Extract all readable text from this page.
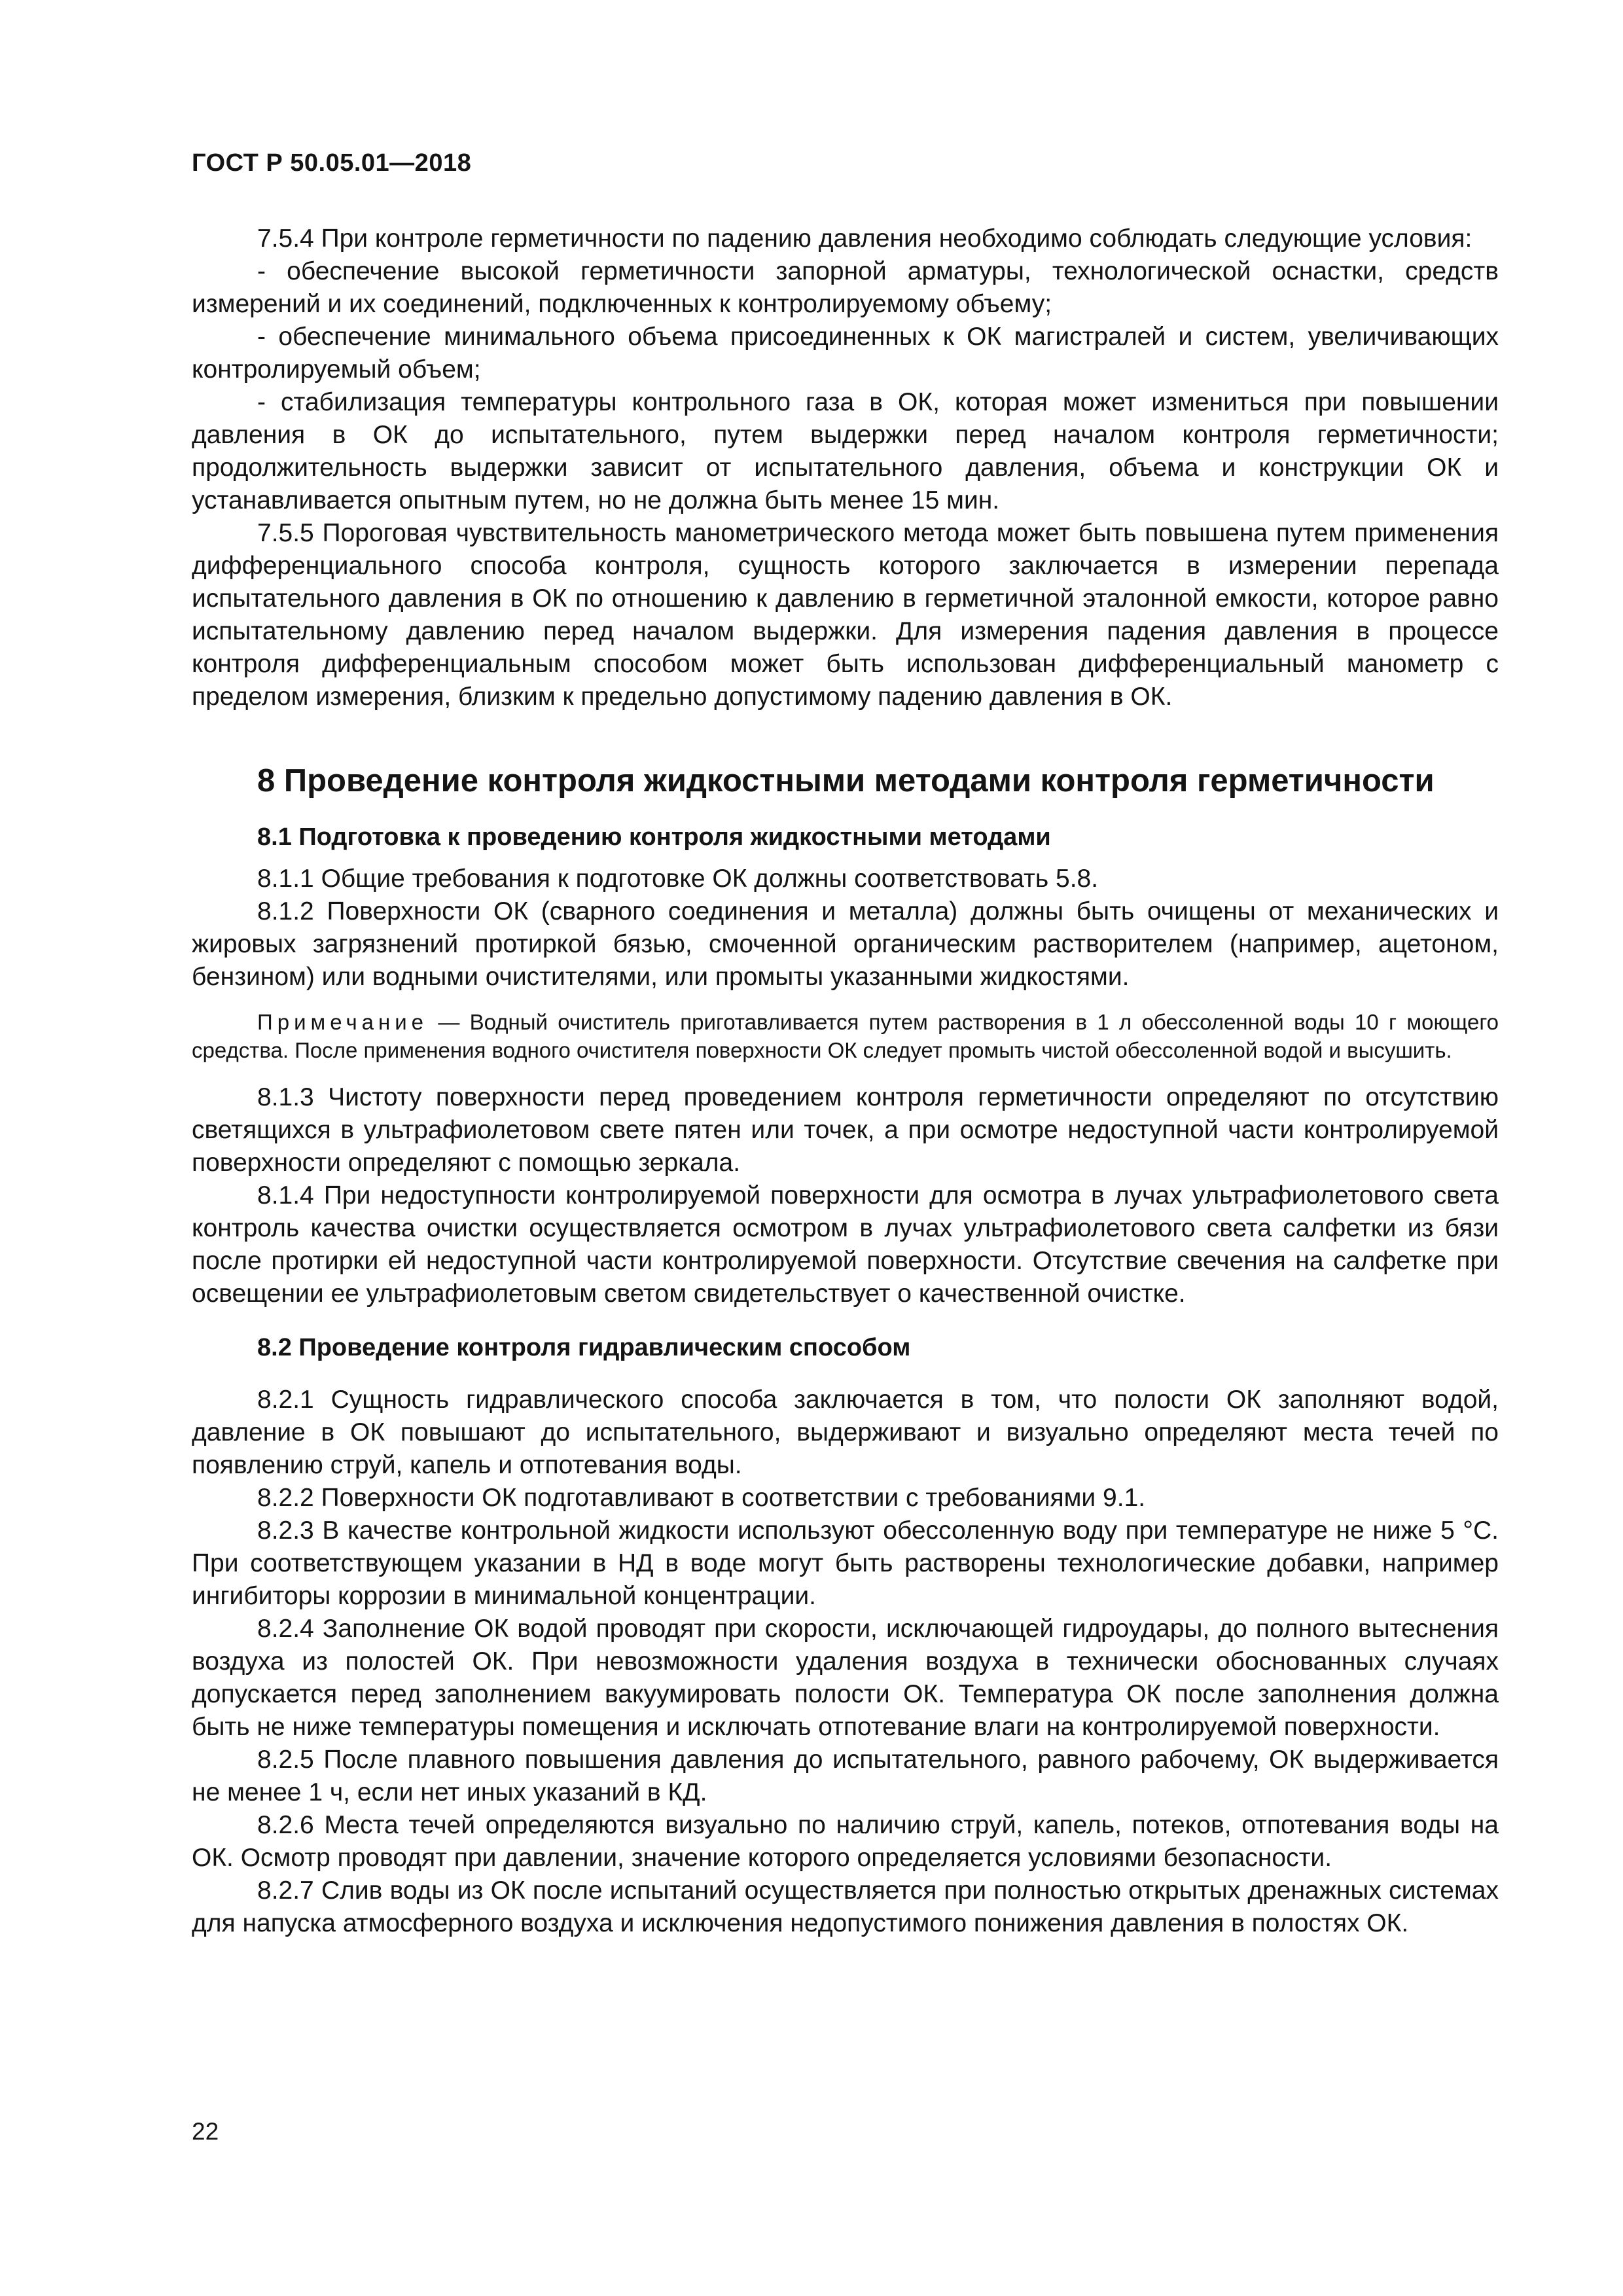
ГОСТ Р 50.05.01—2018

7.5.4 При контроле герметичности по падению давления необходимо соблюдать следующие условия:

- обеспечение высокой герметичности запорной арматуры, технологической оснастки, средств измерений и их соединений, подключенных к контролируемому объему;

- обеспечение минимального объема присоединенных к ОК магистралей и систем, увеличивающих контролируемый объем;

- стабилизация температуры контрольного газа в ОК, которая может измениться при повышении давления в ОК до испытательного, путем выдержки перед началом контроля герметичности; продолжительность выдержки зависит от испытательного давления, объема и конструкции ОК и устанавливается опытным путем, но не должна быть менее 15 мин.

7.5.5 Пороговая чувствительность манометрического метода может быть повышена путем применения дифференциального способа контроля, сущность которого заключается в измерении перепада испытательного давления в ОК по отношению к давлению в герметичной эталонной емкости, которое равно испытательному давлению перед началом выдержки. Для измерения падения давления в процессе контроля дифференциальным способом может быть использован дифференциальный манометр с пределом измерения, близким к предельно допустимому падению давления в ОК.

8 Проведение контроля жидкостными методами контроля герметичности
8.1 Подготовка к проведению контроля жидкостными методами

8.1.1 Общие требования к подготовке ОК должны соответствовать 5.8.

8.1.2 Поверхности ОК (сварного соединения и металла) должны быть очищены от механических и жировых загрязнений протиркой бязью, смоченной органическим растворителем (например, ацетоном, бензином) или водными очистителями, или промыты указанными жидкостями.

Примечание — Водный очиститель приготавливается путем растворения в 1 л обессоленной воды 10 г моющего средства. После применения водного очистителя поверхности ОК следует промыть чистой обессоленной водой и высушить.

8.1.3 Чистоту поверхности перед проведением контроля герметичности определяют по отсутствию светящихся в ультрафиолетовом свете пятен или точек, а при осмотре недоступной части контролируемой поверхности определяют с помощью зеркала.

8.1.4 При недоступности контролируемой поверхности для осмотра в лучах ультрафиолетового света контроль качества очистки осуществляется осмотром в лучах ультрафиолетового света салфетки из бязи после протирки ей недоступной части контролируемой поверхности. Отсутствие свечения на салфетке при освещении ее ультрафиолетовым светом свидетельствует о качественной очистке.

8.2 Проведение контроля гидравлическим способом

8.2.1 Сущность гидравлического способа заключается в том, что полости ОК заполняют водой, давление в ОК повышают до испытательного, выдерживают и визуально определяют места течей по появлению струй, капель и отпотевания воды.

8.2.2 Поверхности ОК подготавливают в соответствии с требованиями 9.1.

8.2.3 В качестве контрольной жидкости используют обессоленную воду при температуре не ниже 5 °С. При соответствующем указании в НД в воде могут быть растворены технологические добавки, например ингибиторы коррозии в минимальной концентрации.

8.2.4 Заполнение ОК водой проводят при скорости, исключающей гидроудары, до полного вытеснения воздуха из полостей ОК. При невозможности удаления воздуха в технически обоснованных случаях допускается перед заполнением вакуумировать полости ОК. Температура ОК после заполнения должна быть не ниже температуры помещения и исключать отпотевание влаги на контролируемой поверхности.

8.2.5 После плавного повышения давления до испытательного, равного рабочему, ОК выдерживается не менее 1 ч, если нет иных указаний в КД.

8.2.6 Места течей определяются визуально по наличию струй, капель, потеков, отпотевания воды на ОК. Осмотр проводят при давлении, значение которого определяется условиями безопасности.

8.2.7 Слив воды из ОК после испытаний осуществляется при полностью открытых дренажных системах для напуска атмосферного воздуха и исключения недопустимого понижения давления в полостях ОК.

22
